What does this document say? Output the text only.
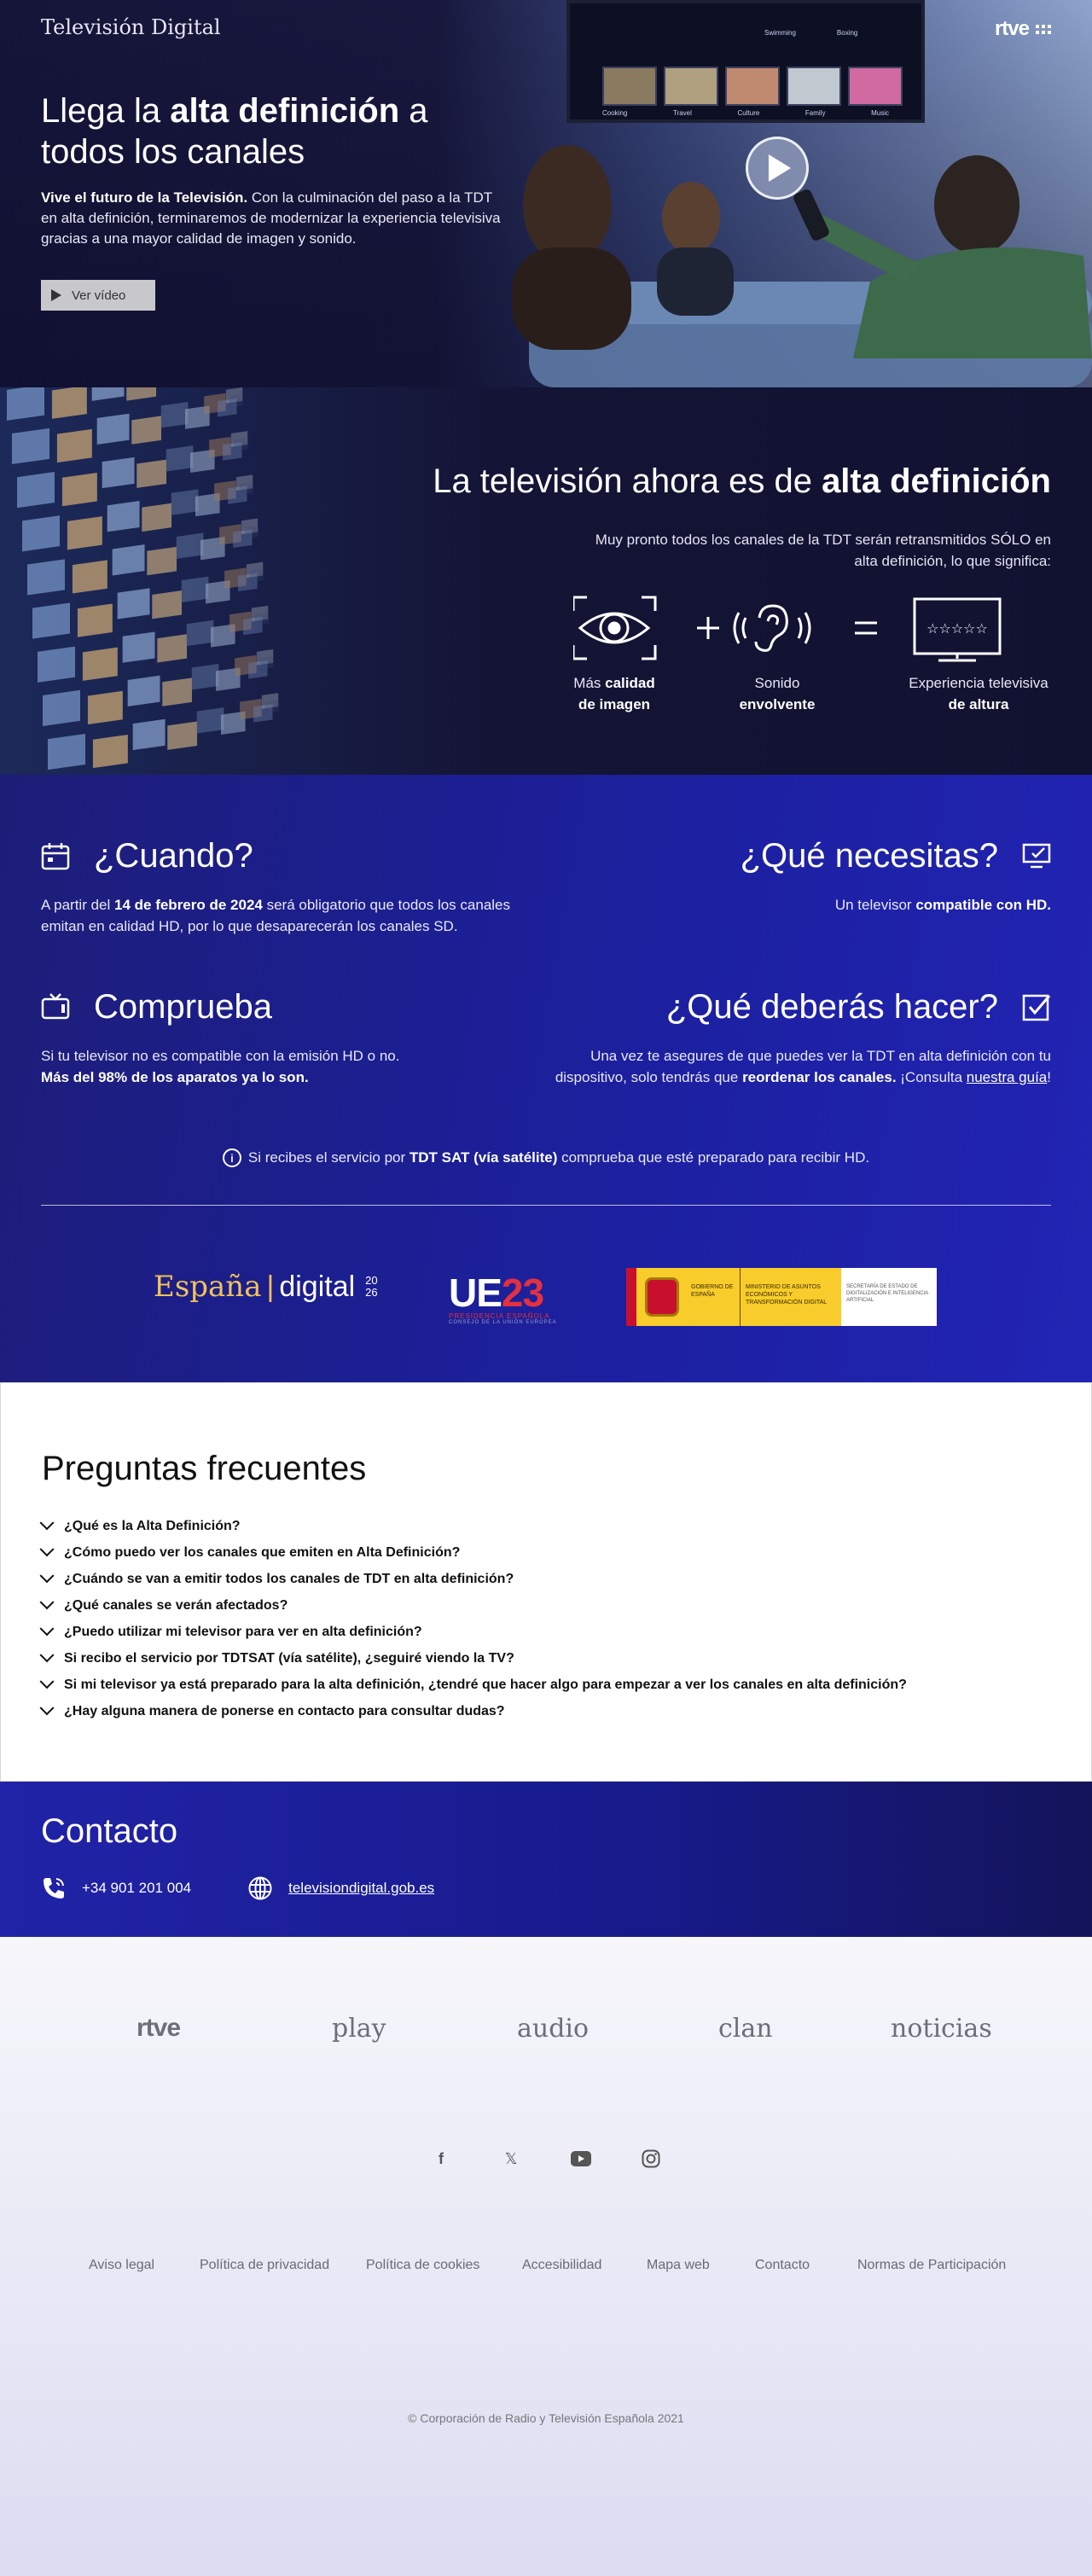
Cooking	Travel	Culture	Family	Music
Swimming	Boxing
Televisión Digital	rtve
Llega la alta definición a todos los canales

Vive el futuro de la Televisión. Con la culminación del paso a la TDT en alta definición, terminaremos de modernizar la experiencia televisiva gracias a una mayor calidad de imagen y sonido.

Ver vídeo
La televisión ahora es de alta definición

Muy pronto todos los canales de la TDT serán retransmitidos SÓLO en alta definición, lo que significa:

☆☆☆☆☆
Más calidad
de imagen
Sonido
envolvente
Experiencia televisiva
de altura
¿Cuando?

A partir del 14 de febrero de 2024 será obligatorio que todos los canales emitan en calidad HD, por lo que desaparecerán los canales SD.

¿Qué necesitas?

Un televisor compatible con HD.

Comprueba

Si tu televisor no es compatible con la emisión HD o no.
Más del 98% de los aparatos ya lo son.

¿Qué deberás hacer?

Una vez te asegures de que puedes ver la TDT en alta definición con tu dispositivo, solo tendrás que reordenar los canales. ¡Consulta nuestra guía!

i	Si recibes el servicio por TDT SAT (vía satélite) comprueba que esté preparado para recibir HD.
España | digital 20
26 UE23
PRESIDENCIA ESPAÑOLA
CONSEJO DE LA UNIÓN EUROPEA
GOBIERNO DE ESPAÑA
MINISTERIO DE ASUNTOS ECONÓMICOS Y TRANSFORMACIÓN DIGITAL
SECRETARÍA DE ESTADO DE DIGITALIZACIÓN E INTELIGENCIA ARTIFICIAL
Preguntas frecuentes
¿Qué es la Alta Definición?
¿Cómo puedo ver los canales que emiten en Alta Definición?
¿Cuándo se van a emitir todos los canales de TDT en alta definición?
¿Qué canales se verán afectados?
¿Puedo utilizar mi televisor para ver en alta definición?
Si recibo el servicio por TDTSAT (vía satélite), ¿seguiré viendo la TV?
Si mi televisor ya está preparado para la alta definición, ¿tendré que hacer algo para empezar a ver los canales en alta definición?
¿Hay alguna manera de ponerse en contacto para consultar dudas?
Contacto
+34 901 201 004	televisiondigital.gob.es
rtve	play	audio	clan	noticias
f	𝕏
Aviso legal	Política de privacidad	Política de cookies	Accesibilidad	Mapa web	Contacto	Normas de Participación
© Corporación de Radio y Televisión Española 2021
